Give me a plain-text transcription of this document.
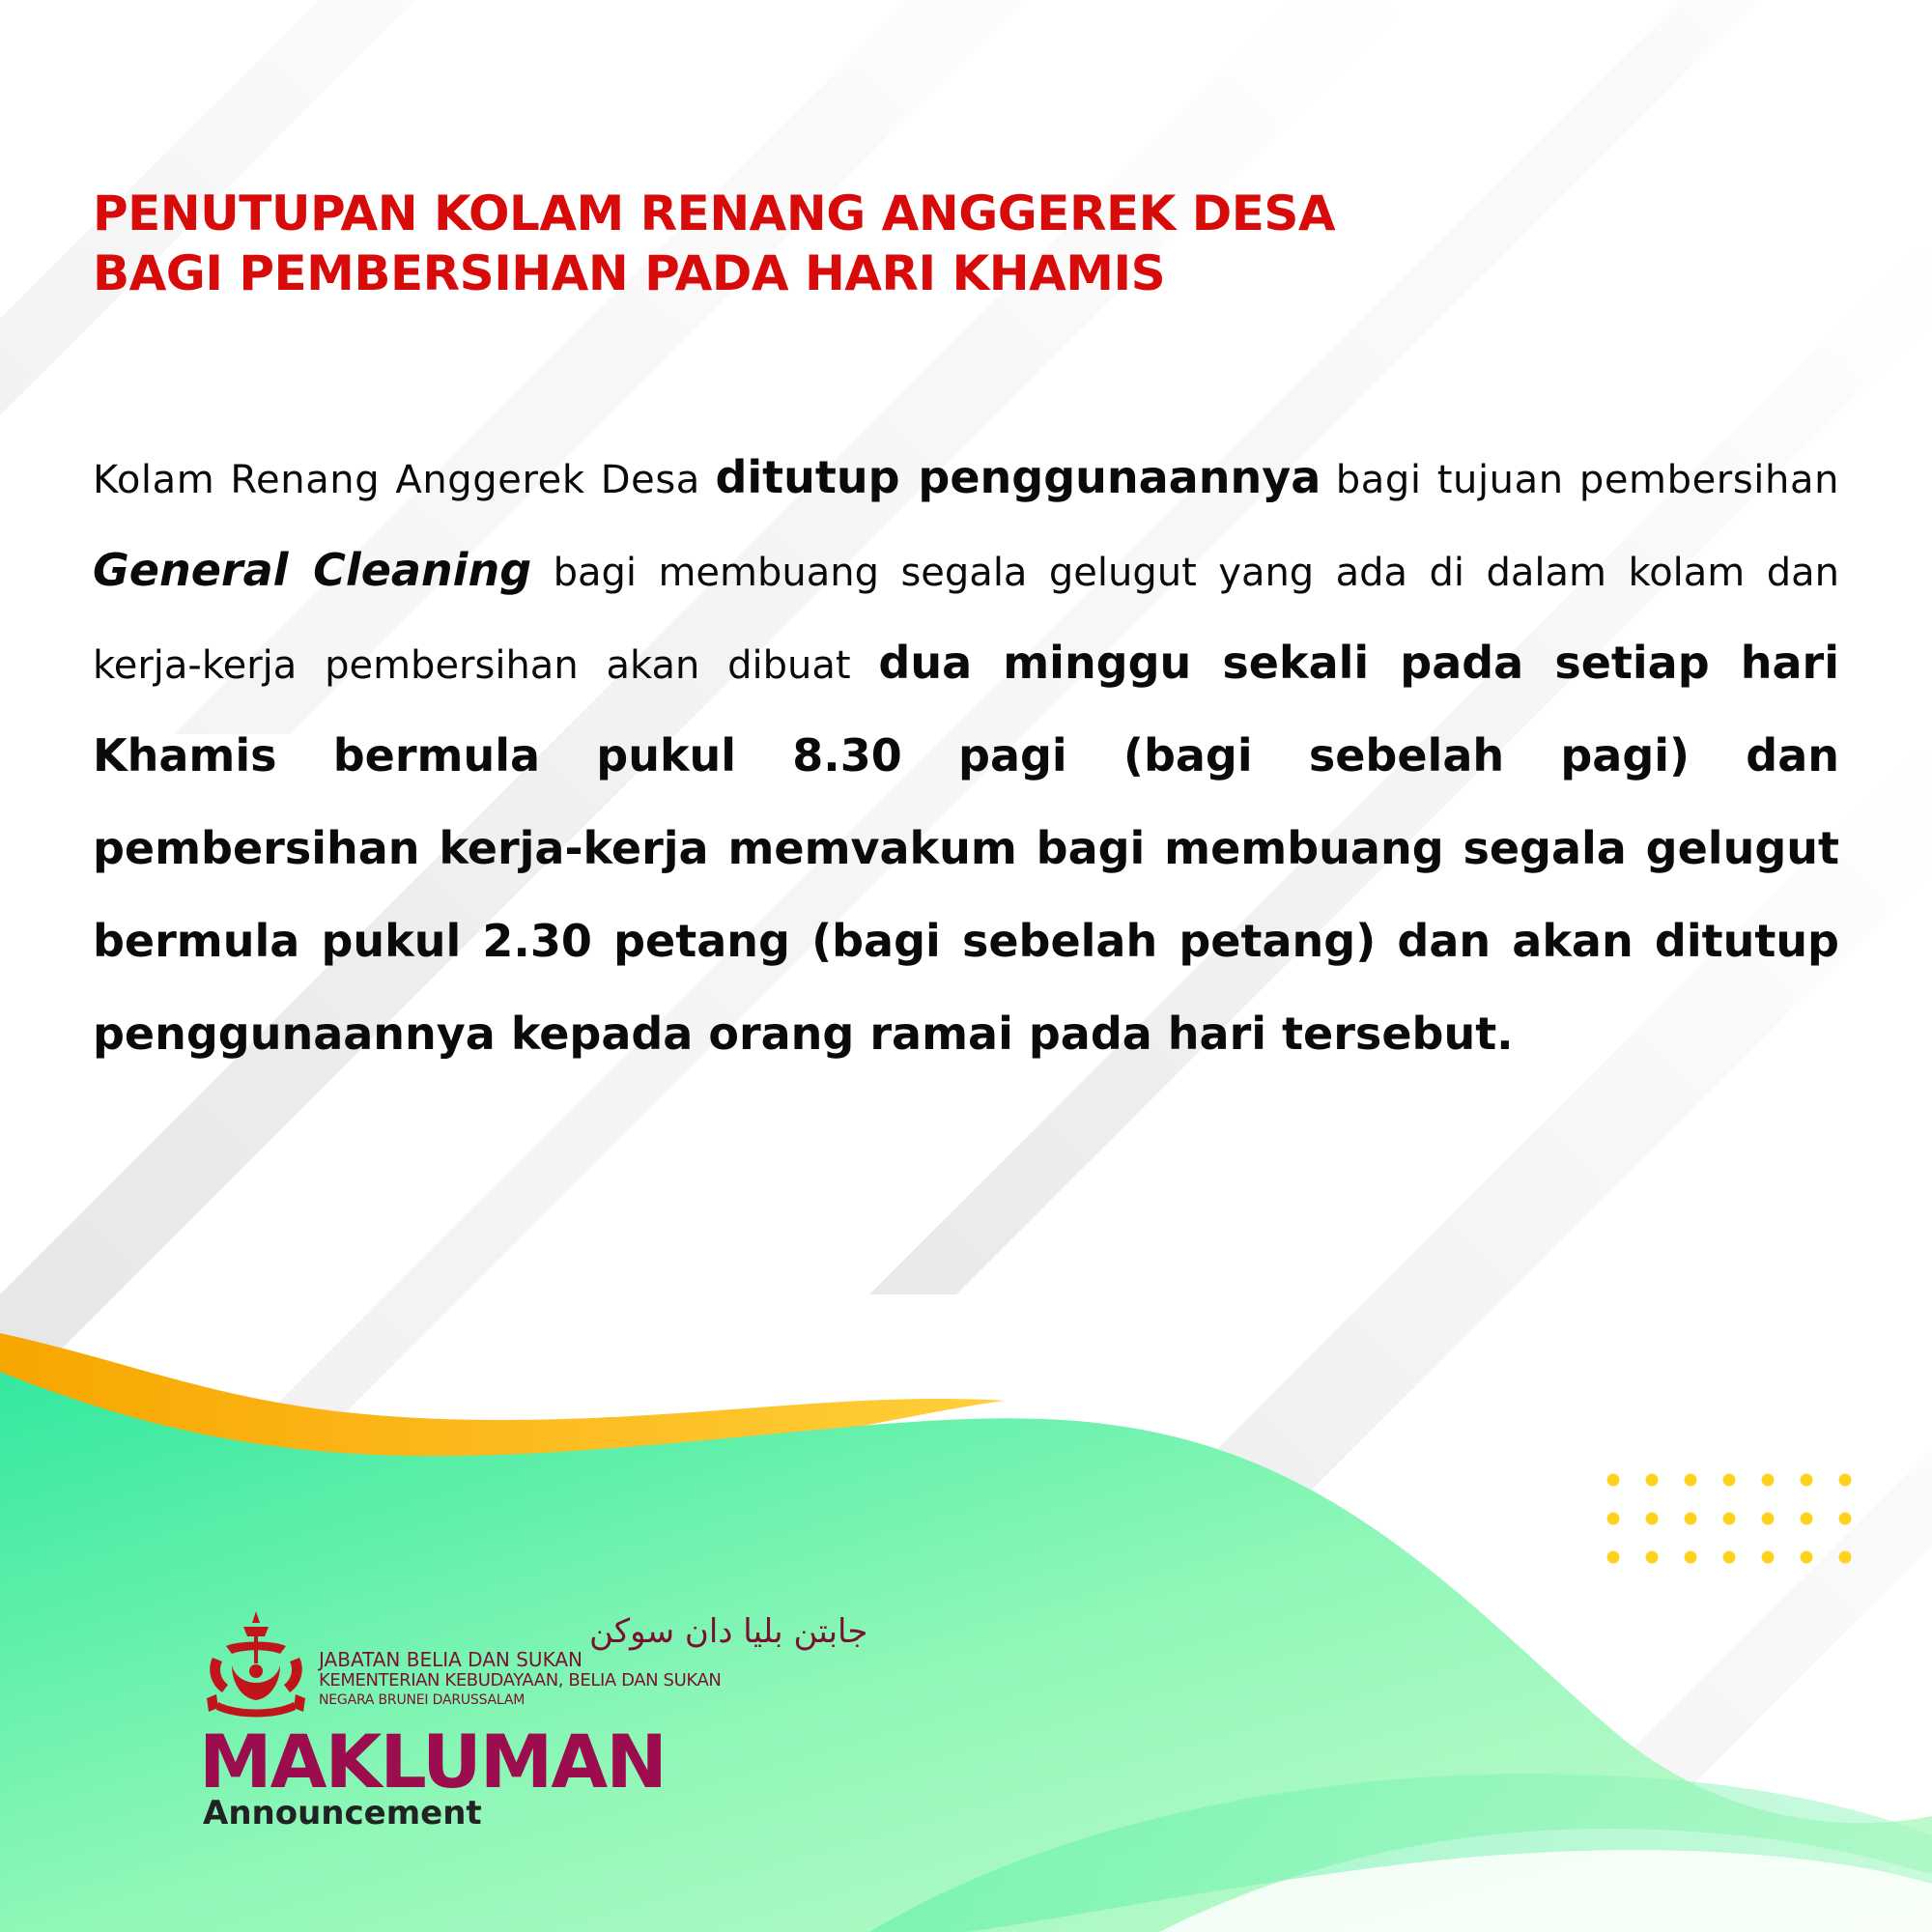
PENUTUPAN KOLAM RENANG ANGGEREK DESA
BAGI PEMBERSIHAN PADA HARI KHAMIS

Kolam Renang Anggerek Desa ditutup penggunaannya bagi tujuan pembersihan General Cleaning bagi membuang segala gelugut yang ada di dalam kolam dan kerja-kerja pembersihan akan dibuat dua minggu sekali pada setiap hari Khamis bermula pukul 8.30 pagi (bagi sebelah pagi) dan pembersihan kerja-kerja memvakum bagi membuang segala gelugut bermula pukul 2.30 petang (bagi sebelah petang) dan akan ditutup penggunaannya kepada orang ramai pada hari tersebut.

جابتن بليا دان سوكن

JABATAN BELIA DAN SUKAN

KEMENTERIAN KEBUDAYAAN, BELIA DAN SUKAN

NEGARA BRUNEI DARUSSALAM

MAKLUMAN

Announcement
